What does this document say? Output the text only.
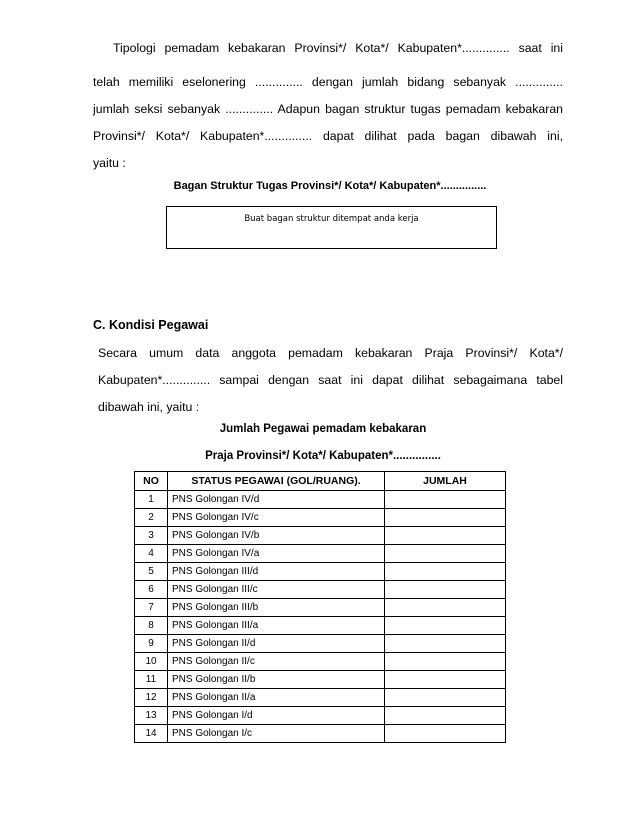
Tipologi pemadam kebakaran Provinsi*/ Kota*/ Kabupaten*.............. saat ini
telah memiliki eselonering .............. dengan jumlah bidang sebanyak ..............
jumlah seksi sebanyak .............. Adapun bagan struktur tugas pemadam kebakaran
Provinsi*/ Kota*/ Kabupaten*.............. dapat dilihat pada bagan dibawah ini,
yaitu :
Bagan Struktur Tugas Provinsi*/ Kota*/ Kabupaten*...............
Buat bagan struktur ditempat anda kerja
C. Kondisi Pegawai
Secara umum data anggota pemadam kebakaran Praja Provinsi*/ Kota*/
Kabupaten*.............. sampai dengan saat ini dapat dilihat sebagaimana tabel
dibawah ini, yaitu :
Jumlah Pegawai pemadam kebakaran
Praja Provinsi*/ Kota*/ Kabupaten*...............
NO	STATUS PEGAWAI (GOL/RUANG).	JUMLAH
1	PNS Golongan IV/d	
2	PNS Golongan IV/c	
3	PNS Golongan IV/b	
4	PNS Golongan IV/a	
5	PNS Golongan III/d	
6	PNS Golongan III/c	
7	PNS Golongan III/b	
8	PNS Golongan III/a	
9	PNS Golongan II/d	
10	PNS Golongan II/c	
11	PNS Golongan II/b	
12	PNS Golongan II/a	
13	PNS Golongan I/d	
14	PNS Golongan I/c	
